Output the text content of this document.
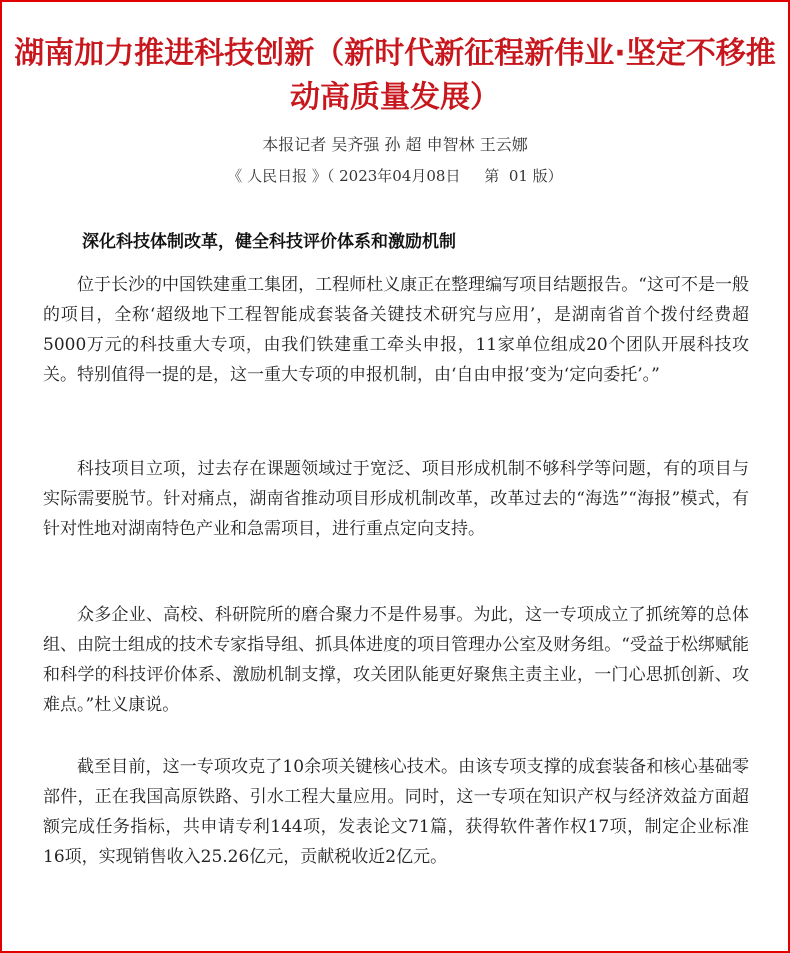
湖南加力推进科技创新（新时代新征程新伟业·坚定不移推动高质量发展）
本报记者 吴齐强 孙 超 申智林 王云娜
《 人民日报 》（ 2023年04月08日     第  01 版）
深化科技体制改革，健全科技评价体系和激励机制

位于长沙的中国铁建重工集团，工程师杜义康正在整理编写项目结题报告。“这可不是一般的项目，全称‘超级地下工程智能成套装备关键技术研究与应用’，是湖南省首个拨付经费超5000万元的科技重大专项，由我们铁建重工牵头申报，11家单位组成20个团队开展科技攻关。特别值得一提的是，这一重大专项的申报机制，由‘自由申报’变为‘定向委托’。”

科技项目立项，过去存在课题领域过于宽泛、项目形成机制不够科学等问题，有的项目与实际需要脱节。针对痛点，湖南省推动项目形成机制改革，改革过去的“海选”“海报”模式，有针对性地对湖南特色产业和急需项目，进行重点定向支持。

众多企业、高校、科研院所的磨合聚力不是件易事。为此，这一专项成立了抓统筹的总体组、由院士组成的技术专家指导组、抓具体进度的项目管理办公室及财务组。“受益于松绑赋能和科学的科技评价体系、激励机制支撑，攻关团队能更好聚焦主责主业，一门心思抓创新、攻难点。”杜义康说。

截至目前，这一专项攻克了10余项关键核心技术。由该专项支撑的成套装备和核心基础零部件，正在我国高原铁路、引水工程大量应用。同时，这一专项在知识产权与经济效益方面超额完成任务指标，共申请专利144项，发表论文71篇，获得软件著作权17项，制定企业标准16项，实现销售收入25.26亿元，贡献税收近2亿元。
